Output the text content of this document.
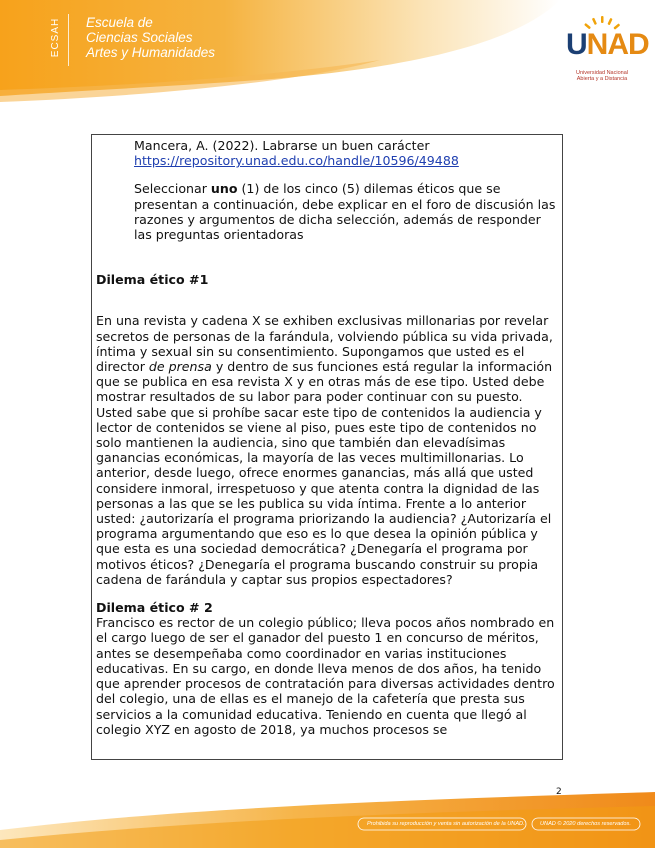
ECSAH Escuela de
Ciencias Sociales
Artes y Humanidades	UNAD
Universidad Nacional
Abierta y a Distancia

Mancera, A. (2022). Labrarse un buen carácter

https://repository.unad.edu.co/handle/10596/49488

Seleccionar uno (1) de los cinco (5) dilemas éticos que se presentan a continuación, debe explicar en el foro de discusión las razones y argumentos de dicha selección, además de responder las preguntas orientadoras

Dilema ético #1

En una revista y cadena X se exhiben exclusivas millonarias por revelar secretos de personas de la farándula, volviendo pública su vida privada, íntima y sexual sin su consentimiento. Supongamos que usted es el director de prensa y dentro de sus funciones está regular la información que se publica en esa revista X y en otras más de ese tipo. Usted debe mostrar resultados de su labor para poder continuar con su puesto. Usted sabe que si prohíbe sacar este tipo de contenidos la audiencia y lector de contenidos se viene al piso, pues este tipo de contenidos no solo mantienen la audiencia, sino que también dan elevadísimas ganancias económicas, la mayoría de las veces multimillonarias. Lo anterior, desde luego, ofrece enormes ganancias, más allá que usted considere inmoral, irrespetuoso y que atenta contra la dignidad de las personas a las que se les publica su vida íntima. Frente a lo anterior usted: ¿autorizaría el programa priorizando la audiencia? ¿Autorizaría el programa argumentando que eso es lo que desea la opinión pública y que esta es una sociedad democrática? ¿Denegaría el programa por motivos éticos? ¿Denegaría el programa buscando construir su propia cadena de farándula y captar sus propios espectadores?

Dilema ético # 2

Francisco es rector de un colegio público; lleva pocos años nombrado en el cargo luego de ser el ganador del puesto 1 en concurso de méritos, antes se desempeñaba como coordinador en varias instituciones educativas. En su cargo, en donde lleva menos de dos años, ha tenido que aprender procesos de contratación para diversas actividades dentro del colegio, una de ellas es el manejo de la cafetería que presta sus servicios a la comunidad educativa. Teniendo en cuenta que llegó al colegio XYZ en agosto de 2018, ya muchos procesos se

2
Prohibida su reproducción y venta sin autorización de la UNAD.	UNAD © 2020 derechos reservados.
